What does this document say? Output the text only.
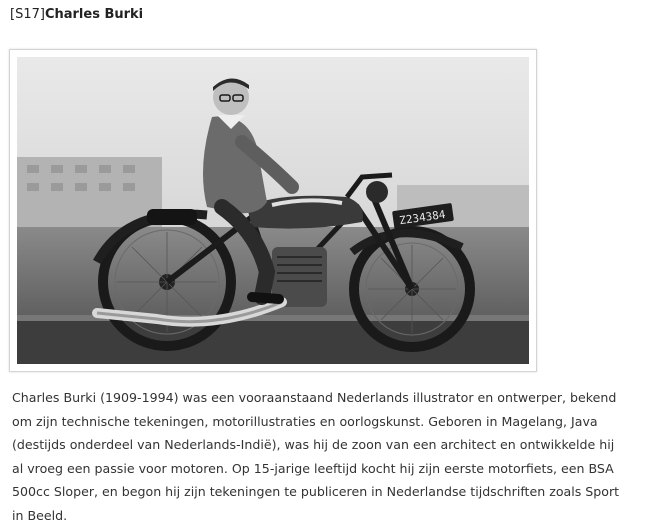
[S17]Charles Burki
Z234384
Charles Burki (1909-1994) was een vooraanstaand Nederlands illustrator en ontwerper, bekend
om zijn technische tekeningen, motorillustraties en oorlogskunst. Geboren in Magelang, Java
(destijds onderdeel van Nederlands-Indië), was hij de zoon van een architect en ontwikkelde hij
al vroeg een passie voor motoren. Op 15-jarige leeftijd kocht hij zijn eerste motorfiets, een BSA
500cc Sloper, en begon hij zijn tekeningen te publiceren in Nederlandse tijdschriften zoals Sport
in Beeld.
